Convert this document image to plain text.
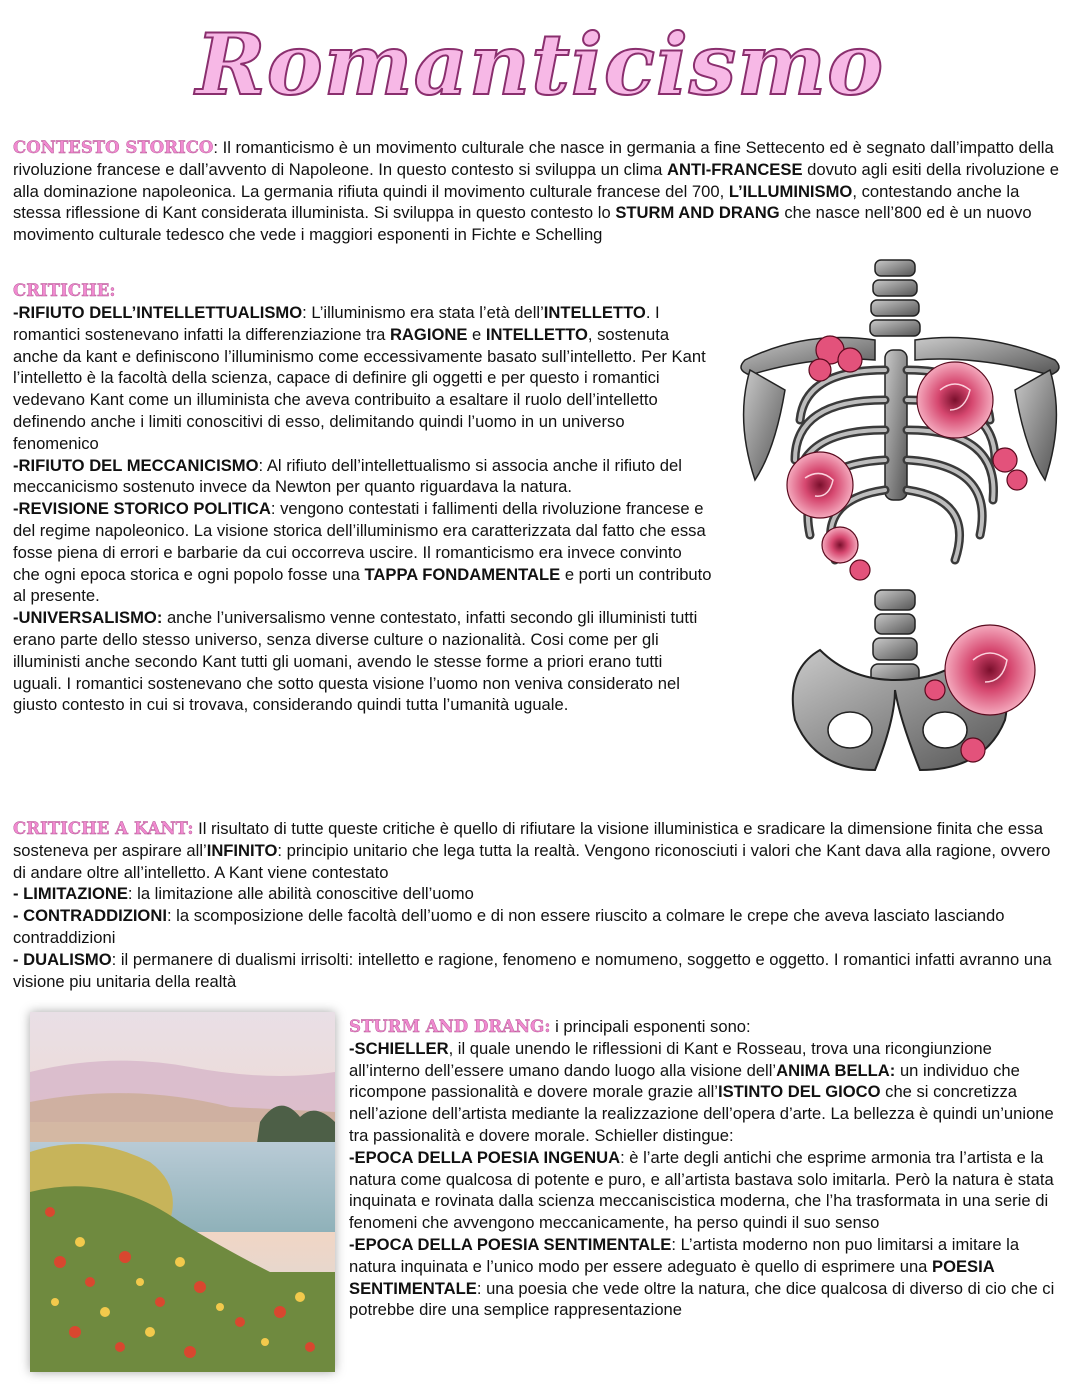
Romanticismo

CONTESTO STORICO: Il romanticismo è un movimento culturale che nasce in germania a fine Settecento ed è segnato dall’impatto della rivoluzione francese e dall’avvento di Napoleone. In questo contesto si sviluppa un clima ANTI-FRANCESE dovuto agli esiti della rivoluzione e alla dominazione napoleonica. La germania rifiuta quindi il movimento culturale francese del 700, L’ILLUMINISMO, contestando anche la stessa riflessione di Kant considerata illuminista. Si sviluppa in questo contesto lo STURM AND DRANG che nasce nell’800 ed è un nuovo movimento culturale tedesco che vede i maggiori esponenti in Fichte e Schelling

CRITICHE:

-RIFIUTO DELL’INTELLETTUALISMO: L’illuminismo era stata l’età dell’INTELLETTO. I romantici sostenevano infatti la differenziazione tra RAGIONE e INTELLETTO, sostenuta anche da kant e definiscono l’illuminismo come eccessivamente basato sull’intelletto. Per Kant l’intelletto è la facoltà della scienza, capace di definire gli oggetti e per questo i romantici vedevano Kant come un illuminista che aveva contribuito a esaltare il ruolo dell’intelletto definendo anche i limiti conoscitivi di esso, delimitando quindi l’uomo in un universo fenomenico

-RIFIUTO DEL MECCANICISMO: Al rifiuto dell’intellettualismo si associa anche il rifiuto del meccanicismo sostenuto invece da Newton per quanto riguardava la natura.

-REVISIONE STORICO POLITICA: vengono contestati i fallimenti della rivoluzione francese e del regime napoleonico. La visione storica dell’illuminismo era caratterizzata dal fatto che essa fosse piena di errori e barbarie da cui occorreva uscire. Il romanticismo era invece convinto che ogni epoca storica e ogni popolo fosse una TAPPA FONDAMENTALE e porti un contributo al presente.

-UNIVERSALISMO: anche l’universalismo venne contestato, infatti secondo gli illuministi tutti erano parte dello stesso universo, senza diverse culture o nazionalità. Cosi come per gli illuministi anche secondo Kant tutti gli uomani, avendo le stesse forme a priori erano tutti uguali. I romantici sostenevano che sotto questa visione l’uomo non veniva considerato nel giusto contesto in cui si trovava, considerando quindi tutta l’umanità uguale.

CRITICHE A KANT: Il risultato di tutte queste critiche è quello di rifiutare la visione illuministica e sradicare la dimensione finita che essa sosteneva per aspirare all’INFINITO: principio unitario che lega tutta la realtà. Vengono riconosciuti i valori che Kant dava alla ragione, ovvero di andare oltre all’intelletto. A Kant viene contestato

- LIMITAZIONE: la limitazione alle abilità conoscitive dell’uomo

- CONTRADDIZIONI: la scomposizione delle facoltà dell’uomo e di non essere riuscito a colmare le crepe che aveva lasciato lasciando contraddizioni

- DUALISMO: il permanere di dualismi irrisolti: intelletto e ragione, fenomeno e nomumeno, soggetto e oggetto. I romantici infatti avranno una visione piu unitaria della realtà

STURM AND DRANG: i principali esponenti sono:

-SCHIELLER, il quale unendo le riflessioni di Kant e Rosseau, trova una ricongiunzione all’interno dell’essere umano dando luogo alla visione dell’ANIMA BELLA: un individuo che ricompone passionalità e dovere morale grazie all’ISTINTO DEL GIOCO che si concretizza nell’azione dell’artista mediante la realizzazione dell’opera d’arte. La bellezza è quindi un’unione tra passionalità e dovere morale. Schieller distingue:

-EPOCA DELLA POESIA INGENUA: è l’arte degli antichi che esprime armonia tra l’artista e la natura come qualcosa di potente e puro, e all’artista bastava solo imitarla. Però la natura è stata inquinata e rovinata dalla scienza meccaniscistica moderna, che l’ha trasformata in una serie di fenomeni che avvengono meccanicamente, ha perso quindi il suo senso

-EPOCA DELLA POESIA SENTIMENTALE: L’artista moderno non puo limitarsi a imitare la natura inquinata e l’unico modo per essere adeguato è quello di esprimere una POESIA SENTIMENTALE: una poesia che vede oltre la natura, che dice qualcosa di diverso di cio che ci potrebbe dire una semplice rappresentazione
